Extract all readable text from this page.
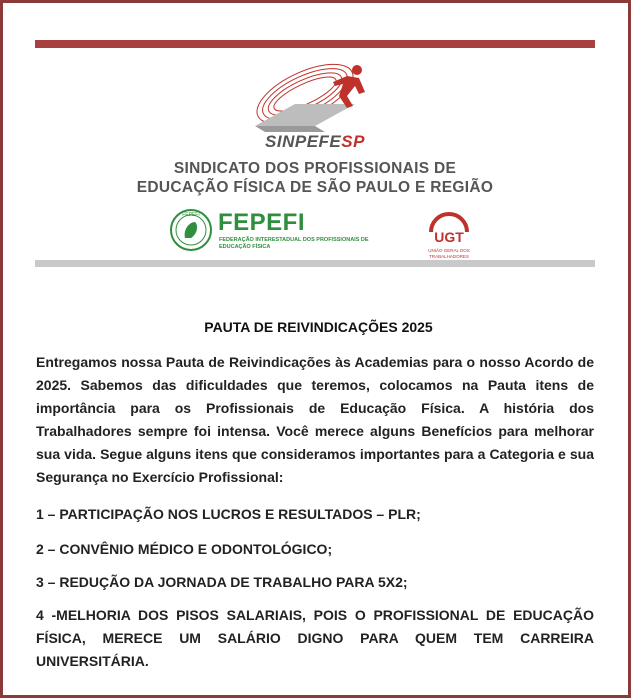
SINPEFESP
SINDICATO DOS PROFISSIONAIS DE
EDUCAÇÃO FÍSICA DE SÃO PAULO E REGIÃO
FEPEFI FEPEFI
FEDERAÇÃO INTERESTADUAL DOS PROFISSIONAIS DE EDUCAÇÃO FÍSICA
UGT
UNIÃO GERAL DOS TRABALHADORES
PAUTA DE REIVINDICAÇÕES 2025
Entregamos nossa Pauta de Reivindicações às Academias para o nosso Acordo de 2025. Sabemos das dificuldades que teremos, colocamos na Pauta itens de importância para os Profissionais de Educação Física. A história dos Trabalhadores sempre foi intensa. Você merece alguns Benefícios para melhorar sua vida. Segue alguns itens que consideramos importantes para a Categoria e sua Segurança no Exercício Profissional:
1 – PARTICIPAÇÃO NOS LUCROS E RESULTADOS – PLR;
2 – CONVÊNIO MÉDICO E ODONTOLÓGICO;
3 – REDUÇÃO DA JORNADA DE TRABALHO PARA 5X2;
4 -MELHORIA DOS PISOS SALARIAIS, POIS O PROFISSIONAL DE EDUCAÇÃO FÍSICA, MERECE UM SALÁRIO DIGNO PARA QUEM TEM CARREIRA UNIVERSITÁRIA.
